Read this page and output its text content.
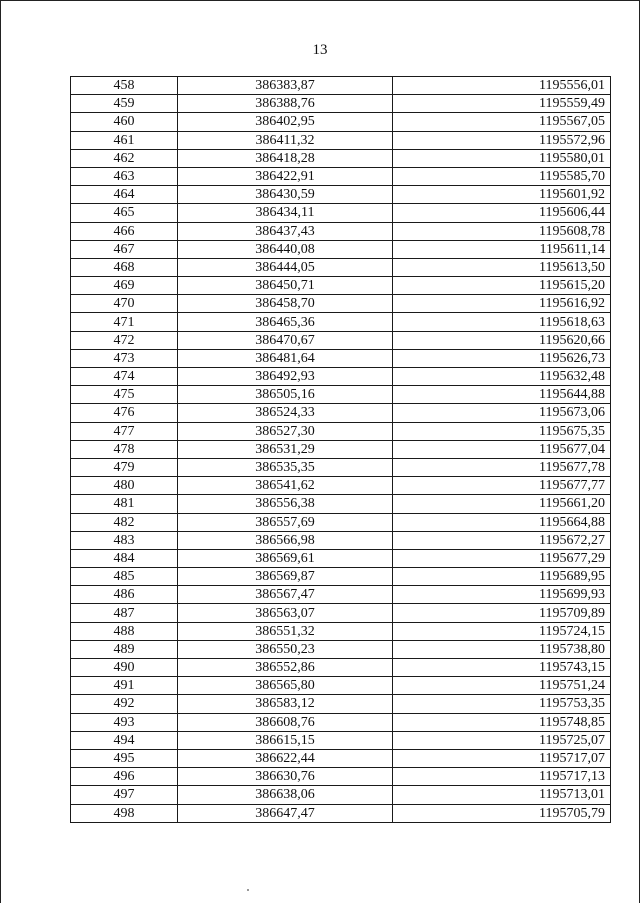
13
458	386383,87	1195556,01
459	386388,76	1195559,49
460	386402,95	1195567,05
461	386411,32	1195572,96
462	386418,28	1195580,01
463	386422,91	1195585,70
464	386430,59	1195601,92
465	386434,11	1195606,44
466	386437,43	1195608,78
467	386440,08	1195611,14
468	386444,05	1195613,50
469	386450,71	1195615,20
470	386458,70	1195616,92
471	386465,36	1195618,63
472	386470,67	1195620,66
473	386481,64	1195626,73
474	386492,93	1195632,48
475	386505,16	1195644,88
476	386524,33	1195673,06
477	386527,30	1195675,35
478	386531,29	1195677,04
479	386535,35	1195677,78
480	386541,62	1195677,77
481	386556,38	1195661,20
482	386557,69	1195664,88
483	386566,98	1195672,27
484	386569,61	1195677,29
485	386569,87	1195689,95
486	386567,47	1195699,93
487	386563,07	1195709,89
488	386551,32	1195724,15
489	386550,23	1195738,80
490	386552,86	1195743,15
491	386565,80	1195751,24
492	386583,12	1195753,35
493	386608,76	1195748,85
494	386615,15	1195725,07
495	386622,44	1195717,07
496	386630,76	1195717,13
497	386638,06	1195713,01
498	386647,47	1195705,79
